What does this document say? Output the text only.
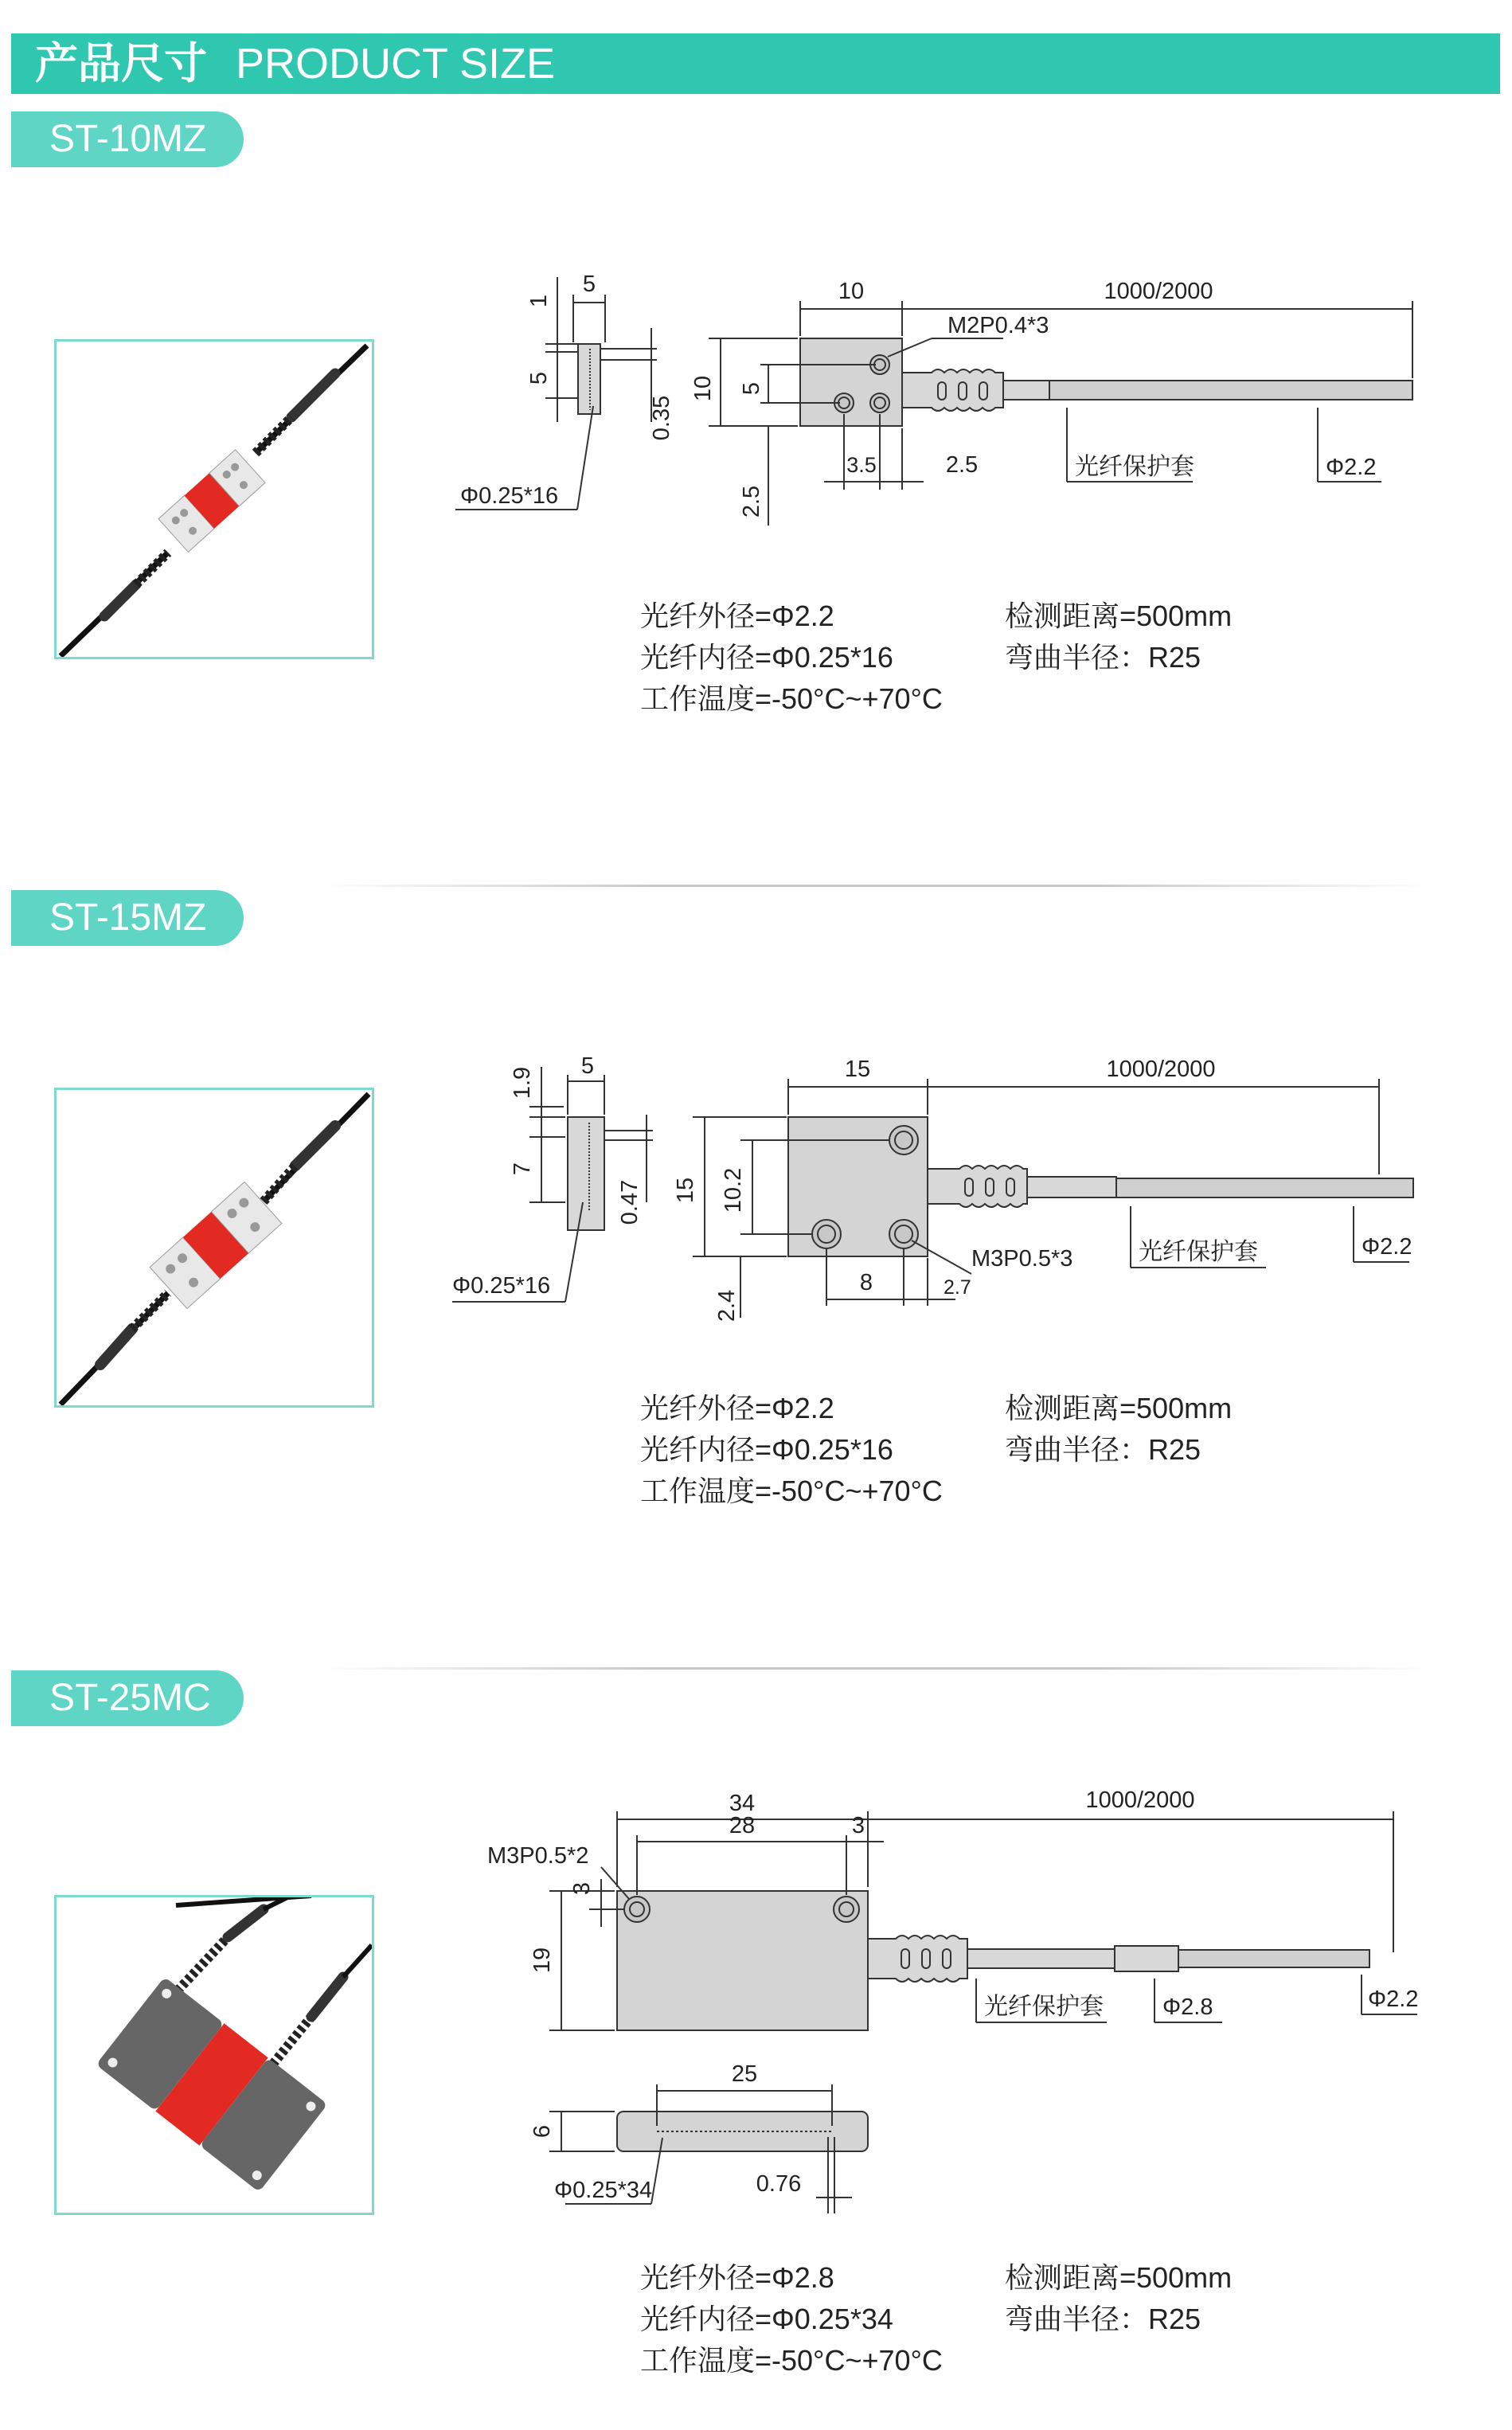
产品尺寸 PRODUCT SIZE
ST-10MZ
5
1
5
0.35
Φ0.25*16
10	1000/2000
10 5
2.5
M2P0.4*3
3.5	2.5	光纤保护套	Φ2.2
光纤外径=Φ2.2
光纤内径=Φ0.25*16
工作温度=-50°C~+70°C
检测距离=500mm
弯曲半径：R25
ST-15MZ
5
1.9
7
0.47
Φ0.25*16
15	1000/2000
15 10.2
2.4
M3P0.5*3
8	2.7
光纤保护套	Φ2.2
光纤外径=Φ2.2
光纤内径=Φ0.25*16
工作温度=-50°C~+70°C
检测距离=500mm
弯曲半径：R25
ST-25MC
34
28	3
1000/2000
M3P0.5*2
3
19
光纤保护套	Φ2.8	Φ2.2
25
6
Φ0.25*34	0.76
光纤外径=Φ2.8
光纤内径=Φ0.25*34
工作温度=-50°C~+70°C
检测距离=500mm
弯曲半径：R25
